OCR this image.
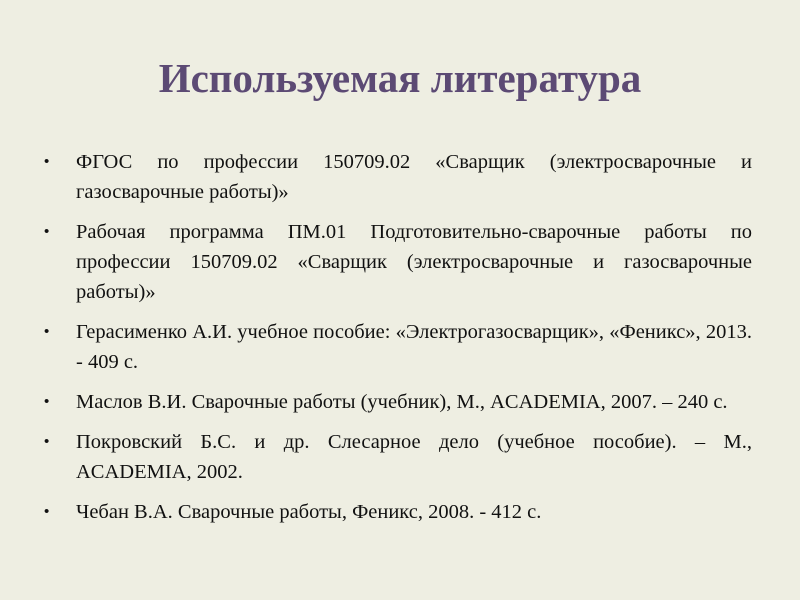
Используемая литература
• ФГОС по профессии 150709.02 «Сварщик (электросварочные и газосварочные работы)»
• Рабочая программа ПМ.01 Подготовительно-сварочные работы по профессии 150709.02 «Сварщик (электросварочные и газосварочные работы)»
• Герасименко А.И. учебное пособие: «Электрогазосварщик», «Феникс», 2013. - 409 с.
• Маслов В.И. Сварочные работы (учебник), М., ACADEMIA, 2007. – 240 с.
• Покровский Б.С. и др. Слесарное дело (учебное пособие). – М., ACADEMIA, 2002.
• Чебан В.А. Сварочные работы, Феникс, 2008. - 412 с.
